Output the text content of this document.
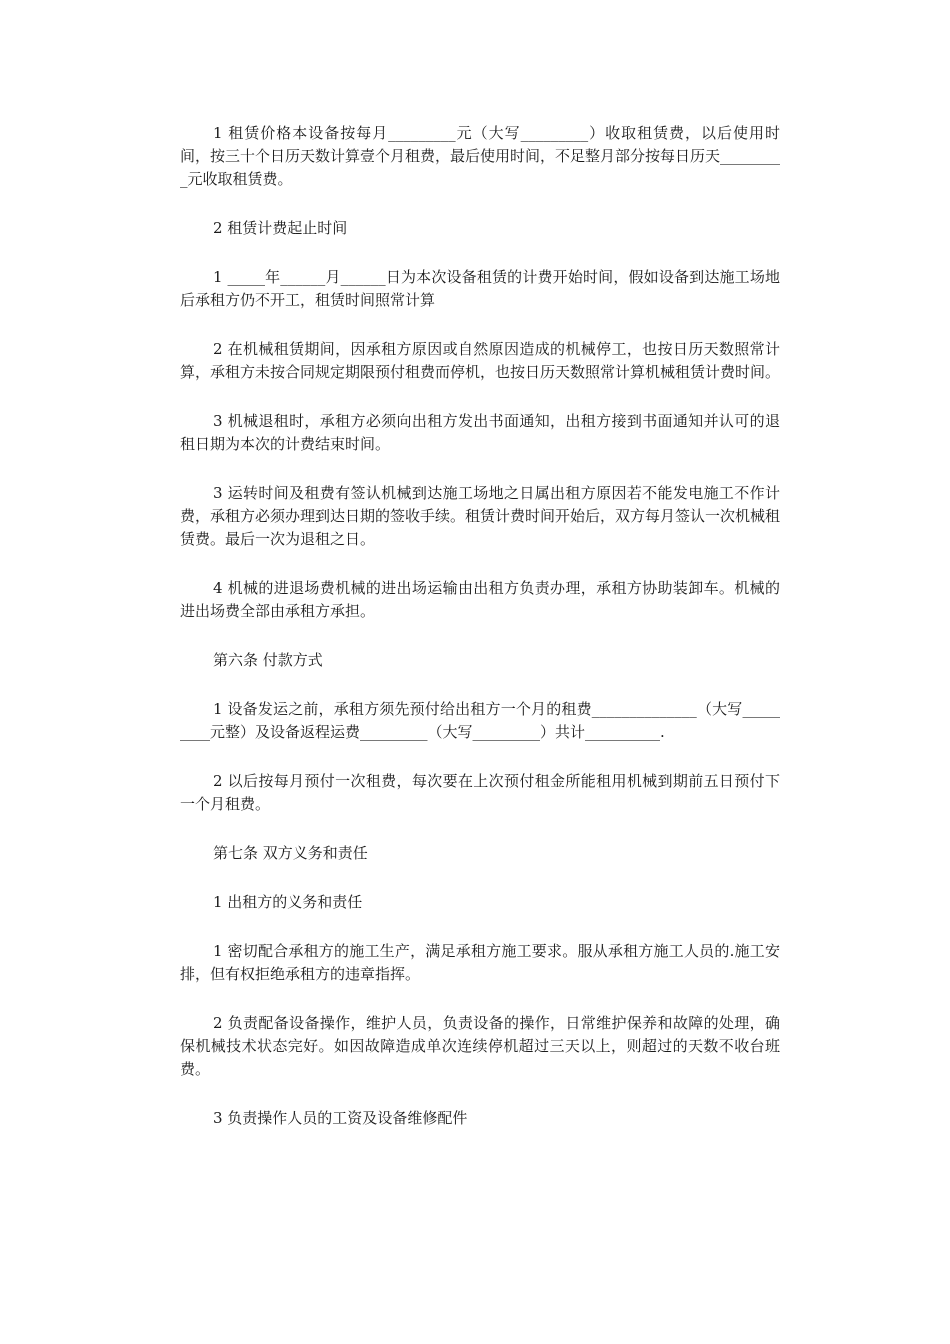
1 租赁价格本设备按每月_________元（大写_________）收取租赁费，以后使用时间，按三十个日历天数计算壹个月租费，最后使用时间，不足整月部分按每日历天_________元收取租赁费。

2 租赁计费起止时间

1 _____年______月______日为本次设备租赁的计费开始时间，假如设备到达施工场地后承租方仍不开工，租赁时间照常计算

2 在机械租赁期间，因承租方原因或自然原因造成的机械停工，也按日历天数照常计算，承租方未按合同规定期限预付租费而停机，也按日历天数照常计算机械租赁计费时间。

3 机械退租时，承租方必须向出租方发出书面通知，出租方接到书面通知并认可的退租日期为本次的计费结束时间。

3 运转时间及租费有签认机械到达施工场地之日属出租方原因若不能发电施工不作计费，承租方必须办理到达日期的签收手续。租赁计费时间开始后，双方每月签认一次机械租赁费。最后一次为退租之日。

4 机械的进退场费机械的进出场运输由出租方负责办理，承租方协助装卸车。机械的进出场费全部由承租方承担。

第六条 付款方式

1 设备发运之前，承租方须先预付给出租方一个月的租费______________（大写_________元整）及设备返程运费_________（大写_________）共计__________.

2 以后按每月预付一次租费，每次要在上次预付租金所能租用机械到期前五日预付下一个月租费。

第七条 双方义务和责任

1 出租方的义务和责任

1 密切配合承租方的施工生产，满足承租方施工要求。服从承租方施工人员的.施工安排，但有权拒绝承租方的违章指挥。

2 负责配备设备操作，维护人员，负责设备的操作，日常维护保养和故障的处理，确保机械技术状态完好。如因故障造成单次连续停机超过三天以上，则超过的天数不收台班费。

3 负责操作人员的工资及设备维修配件
